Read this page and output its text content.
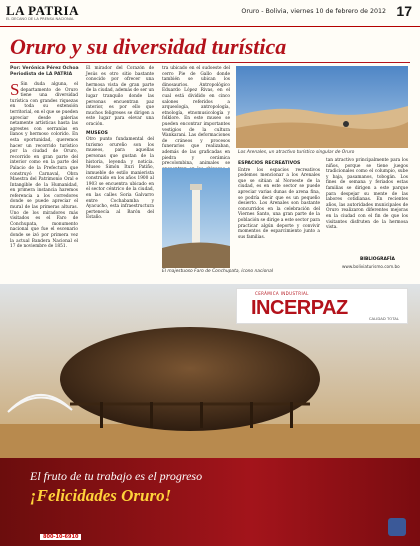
LA PATRIA
EL DECANO DE LA PRENSA NACIONAL
Oruro - Bolivia, viernes 10 de febrero de 2012 17
Oruro y su diversidad turística
Por: Verónica Pérez Ochoa
Periodista de LA PATRIA
S Sin duda alguna, el departamento de Oruro tiene una diversidad turística con grandes riquezas en toda su extensión territorial, en el que se pueden apreciar desde galerías netamente artísticas hasta las agrestes con serranías en llanos y hermoso colorido. En esta oportunidad, queremos hacer un recorrido turístico por la ciudad de Oruro, recorrido en gran parte del interior como en la parte del Palacio de la Prefectura que construyó Carnaval, Obra Maestra del Patrimonio Oral e Intangible de la Humanidad, en primera instancia haremos referencia a los corredores donde se puede apreciar el mural de las primeras alturas. Uno de los miradores más visitados es el Faro de Conchupata, monumento nacional que fue el escenario donde se izó por primera vez la actual Bandera Nacional el 17 de noviembre de 1851.
El mirador del Corazón de Jesús es otro sitio bastante conocido por ofrecer una hermosa vista de gran parte de la ciudad, además de ser un lugar tranquilo donde las personas encuentran paz interior, es por ello que muchos feligreses se dirigen a este lugar para elevar una oración.
MUSEOS
Otro punto fundamental del turismo orureño son los museos, para aquellas personas que gustan de la historia, leyenda y noticia. Museo Simón Ituri Patiño, inmueble de estilo manierista construido en los años 1900 al 1903 se encuentra ubicado en el sector céntrico de la ciudad, en las calles Soria Galvarro entre Cochabamba y Ayacucho, esta infraestructura pertenecía al Barón del Estaño.
tra ubicado en el sudoeste del cerro Pie de Gallo donde también se ubican los dinosaurios. Antropológico Eduardo López Rivas, en el cual está dividido en cinco salones referidos a arqueología, antropología, etnología, etnomusicología y folklore. En este museo se pueden encontrar importantes vestigios de la cultura Wankarani. Las deformaciones de cráneos y procesos funerarios que realizaban, además de las graficadas en piedra y cerámica precolombina, animales se
Los Arenales, un atractivo turístico singular de Oruro
ESPACIOS RECREATIVOS
Entre los espacios recreativos podemos mencionar a los Arenales que se sitúan al Noroeste de la ciudad, es en este sector se puede apreciar varias dunas de arena fina, se podría decir que es un pequeño desierto. Los Arenales son bastante concurridos en la celebración del Viernes Santo, una gran parte de la población se dirige a este sector para practicar algún deporte y convivir momentos de esparcimiento junto a sus familias.
tan atractivo principalmente para los niños, porque se tiene juegos tradicionales como el columpio, sube y baja, pasamanos, tobogán. Los fines de semana y feriados estas familias se dirigen a este parque para despejar su mente de las labores cotidianas. En recientes años, las autoridades municipales de Oruro realizaron diferentes mejoras en la ciudad con el fin de que los visitantes disfruten de la hermosa vista.
BIBLIOGRAFÍA
www.boliviaturismo.com.bo
El majestuoso Faro de Conchupata, ícono nacional
CERÁMICA INDUSTRIAL
INCERPAZ	CALIDAD TOTAL
El fruto de tu trabajo es el progreso
¡Felicidades Oruro!
800-10-6910
